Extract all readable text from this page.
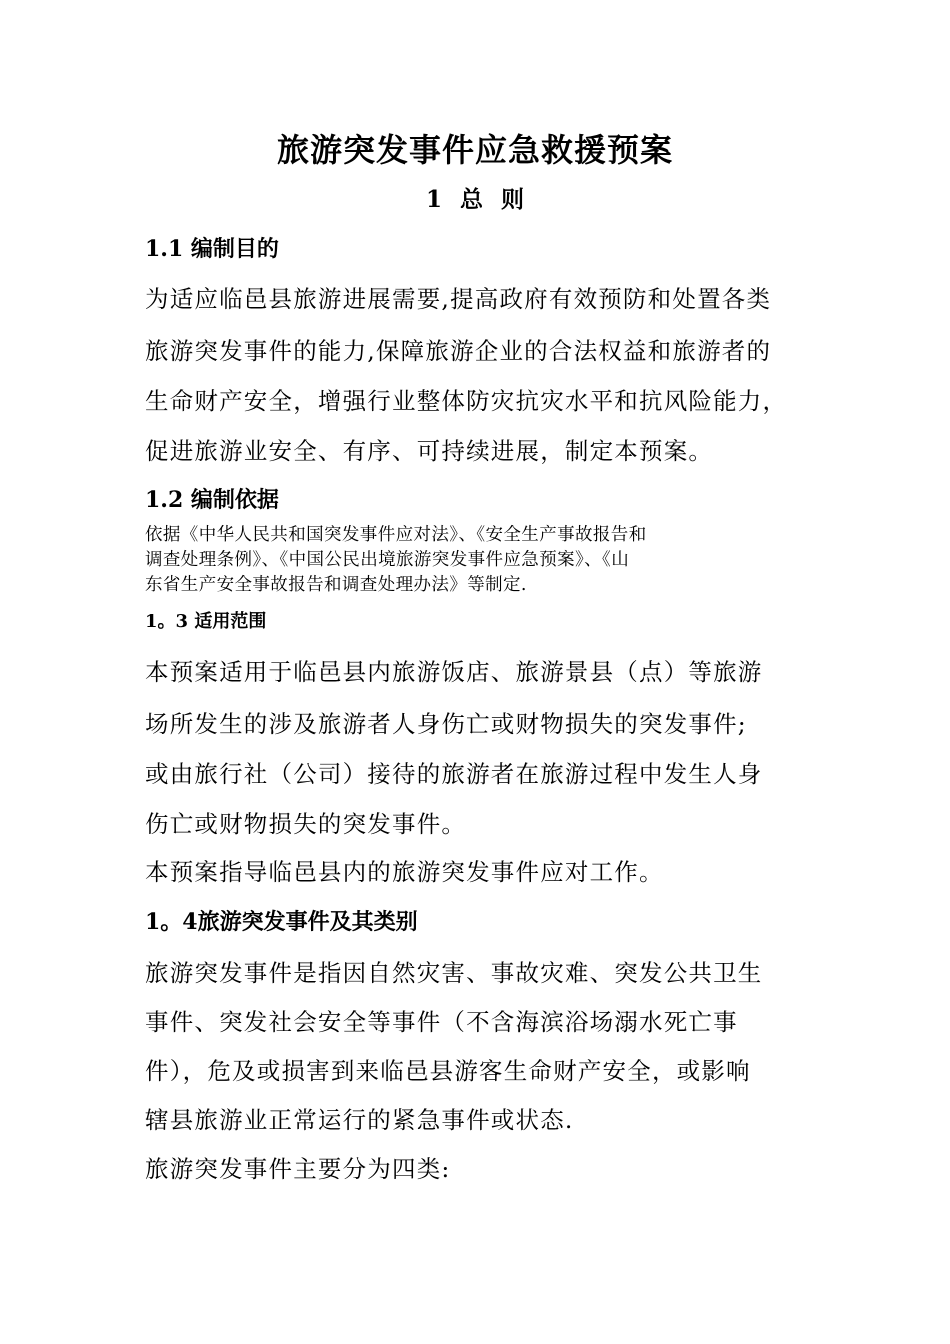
旅游突发事件应急救援预案
1 总 则
1.1 编制目的
为适应临邑县旅游进展需要,提高政府有效预防和处置各类
旅游突发事件的能力,保障旅游企业的合法权益和旅游者的
生命财产安全，增强行业整体防灾抗灾水平和抗风险能力，
促进旅游业安全、有序、可持续进展，制定本预案。
1.2 编制依据
依据《中华人民共和国突发事件应对法》、《安全生产事故报告和
调查处理条例》、《中国公民出境旅游突发事件应急预案》、《山
东省生产安全事故报告和调查处理办法》等制定.
1。3 适用范围
本预案适用于临邑县内旅游饭店、旅游景县（点）等旅游
场所发生的涉及旅游者人身伤亡或财物损失的突发事件;
或由旅行社（公司）接待的旅游者在旅游过程中发生人身
伤亡或财物损失的突发事件。
本预案指导临邑县内的旅游突发事件应对工作。
1。4旅游突发事件及其类别
旅游突发事件是指因自然灾害、事故灾难、突发公共卫生
事件、突发社会安全等事件（不含海滨浴场溺水死亡事
件），危及或损害到来临邑县游客生命财产安全，或影响
辖县旅游业正常运行的紧急事件或状态.
旅游突发事件主要分为四类:
